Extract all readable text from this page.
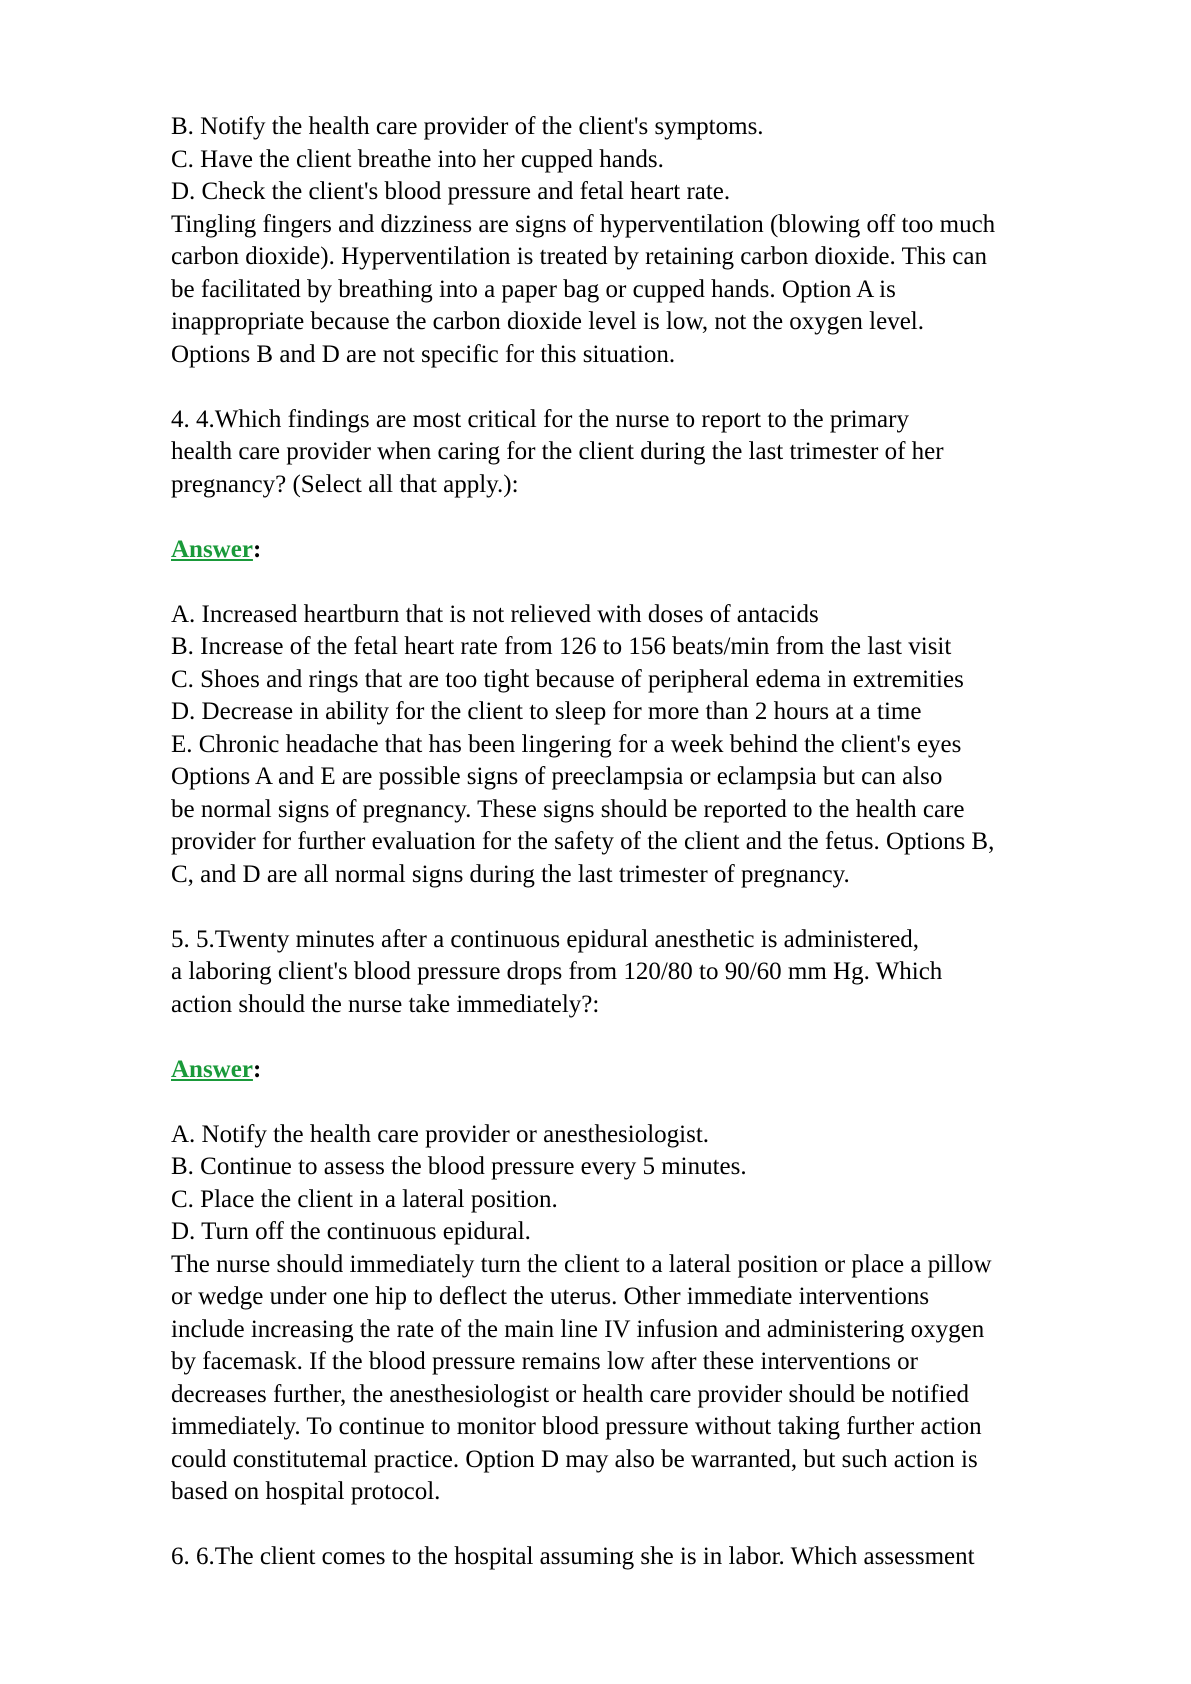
B. Notify the health care provider of the client's symptoms.
C. Have the client breathe into her cupped hands.
D. Check the client's blood pressure and fetal heart rate.
Tingling fingers and dizziness are signs of hyperventilation (blowing off too much
carbon dioxide). Hyperventilation is treated by retaining carbon dioxide. This can
be facilitated by breathing into a paper bag or cupped hands. Option A is
inappropriate because the carbon dioxide level is low, not the oxygen level.
Options B and D are not specific for this situation.
4. 4.Which findings are most critical for the nurse to report to the primary
health care provider when caring for the client during the last trimester of her
pregnancy? (Select all that apply.):
Answer:
A. Increased heartburn that is not relieved with doses of antacids
B. Increase of the fetal heart rate from 126 to 156 beats/min from the last visit
C. Shoes and rings that are too tight because of peripheral edema in extremities
D. Decrease in ability for the client to sleep for more than 2 hours at a time
E. Chronic headache that has been lingering for a week behind the client's eyes
Options A and E are possible signs of preeclampsia or eclampsia but can also
be normal signs of pregnancy. These signs should be reported to the health care
provider for further evaluation for the safety of the client and the fetus. Options B,
C, and D are all normal signs during the last trimester of pregnancy.
5. 5.Twenty minutes after a continuous epidural anesthetic is administered,
a laboring client's blood pressure drops from 120/80 to 90/60 mm Hg. Which
action should the nurse take immediately?:
Answer:
A. Notify the health care provider or anesthesiologist.
B. Continue to assess the blood pressure every 5 minutes.
C. Place the client in a lateral position.
D. Turn off the continuous epidural.
The nurse should immediately turn the client to a lateral position or place a pillow
or wedge under one hip to deflect the uterus. Other immediate interventions
include increasing the rate of the main line IV infusion and administering oxygen
by facemask. If the blood pressure remains low after these interventions or
decreases further, the anesthesiologist or health care provider should be notified
immediately. To continue to monitor blood pressure without taking further action
could constitutemal practice. Option D may also be warranted, but such action is
based on hospital protocol.
6. 6.The client comes to the hospital assuming she is in labor. Which assessment
